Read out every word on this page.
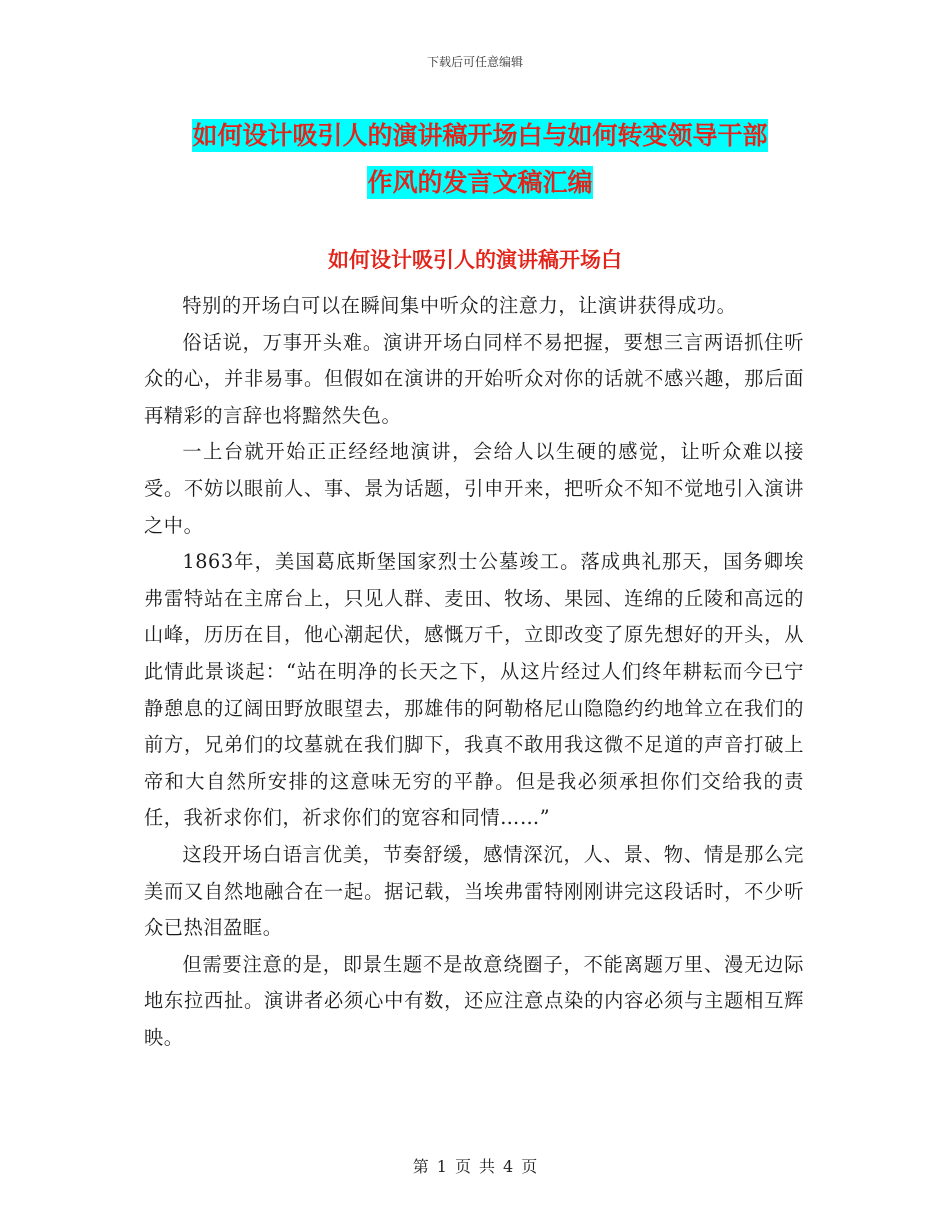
下载后可任意编辑
如何设计吸引人的演讲稿开场白与如何转变领导干部
作风的发言文稿汇编
如何设计吸引人的演讲稿开场白

特别的开场白可以在瞬间集中听众的注意力，让演讲获得成功。

俗话说，万事开头难。演讲开场白同样不易把握，要想三言两语抓住听众的心，并非易事。但假如在演讲的开始听众对你的话就不感兴趣，那后面再精彩的言辞也将黯然失色。

一上台就开始正正经经地演讲，会给人以生硬的感觉，让听众难以接受。不妨以眼前人、事、景为话题，引申开来，把听众不知不觉地引入演讲之中。

1863年，美国葛底斯堡国家烈士公墓竣工。落成典礼那天，国务卿埃弗雷特站在主席台上，只见人群、麦田、牧场、果园、连绵的丘陵和高远的山峰，历历在目，他心潮起伏，感慨万千，立即改变了原先想好的开头，从此情此景谈起：“站在明净的长天之下，从这片经过人们终年耕耘而今已宁静憩息的辽阔田野放眼望去，那雄伟的阿勒格尼山隐隐约约地耸立在我们的前方，兄弟们的坟墓就在我们脚下，我真不敢用我这微不足道的声音打破上帝和大自然所安排的这意味无穷的平静。但是我必须承担你们交给我的责任，我祈求你们，祈求你们的宽容和同情……”

这段开场白语言优美，节奏舒缓，感情深沉，人、景、物、情是那么完美而又自然地融合在一起。据记载，当埃弗雷特刚刚讲完这段话时，不少听众已热泪盈眶。

但需要注意的是，即景生题不是故意绕圈子，不能离题万里、漫无边际地东拉西扯。演讲者必须心中有数，还应注意点染的内容必须与主题相互辉映。

第 1 页 共 4 页
